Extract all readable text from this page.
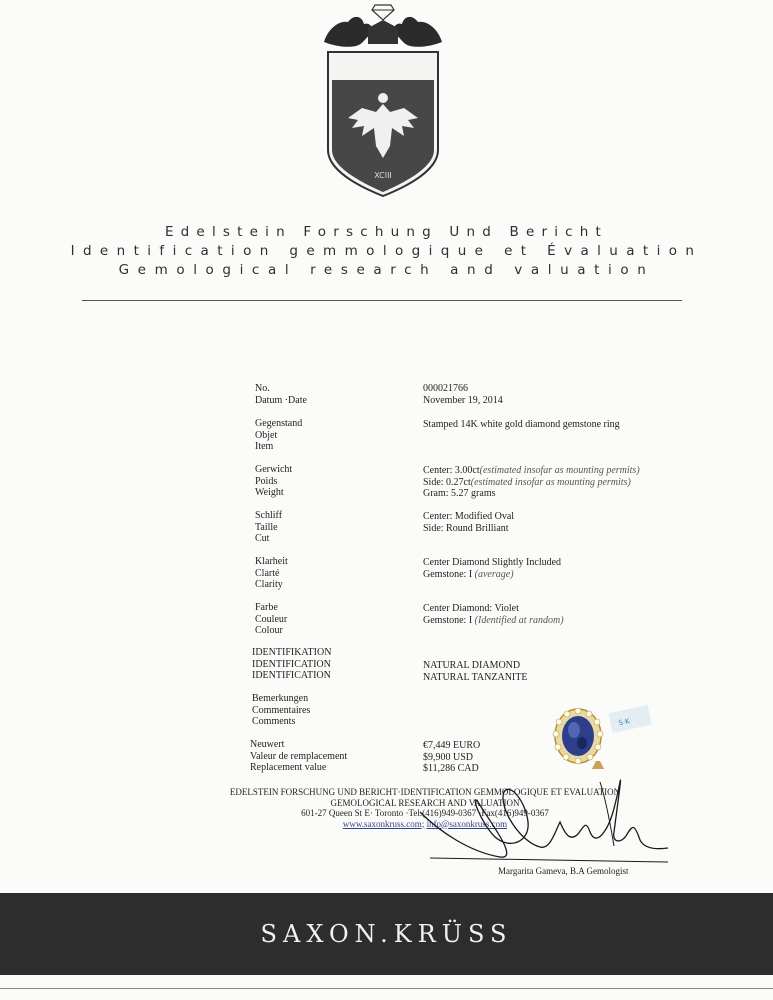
XCIII
Edelstein Forschung Und Bericht
Identification gemmologique et Évaluation
Gemological research and valuation
No.
Datum ·Date
000021766
November 19, 2014
Gegenstand
Objet
Item
Stamped 14K white gold diamond gemstone ring
Gerwicht
Poids
Weight
Center: 3.00ct(estimated insofar as mounting permits)
Side: 0.27ct(estimated insofar as mounting permits)
Gram: 5.27 grams
Schliff
Taille
Cut
Center: Modified Oval
Side: Round Brilliant
Klarheit
Clarté
Clarity
Center Diamond Slightly Included
Gemstone: I (average)
Farbe
Couleur
Colour
Center Diamond: Violet
Gemstone: I (Identified at random)
IDENTIFIKATION
IDENTIFICATION
IDENTIFICATION
NATURAL DIAMOND
NATURAL TANZANITE
Bemerkungen
Commentaires
Comments	S·K
Neuwert
Valeur de remplacement
Replacement value
€7,449 EURO
$9,900 USD
$11,286 CAD
EDELSTEIN FORSCHUNG UND BERICHT·IDENTIFICATION GEMMOLOGIQUE ET EVALUATION
GEMOLOGICAL RESEARCH AND VALUATION
601-27 Queen St E· Toronto ·Tel.(416)949-0367 ·Fax(416)949-0367
www.saxonkruss.com; info@saxonkruss.com
Margarita Gameva, B.A Gemologist
SAXON.KRÜSS
